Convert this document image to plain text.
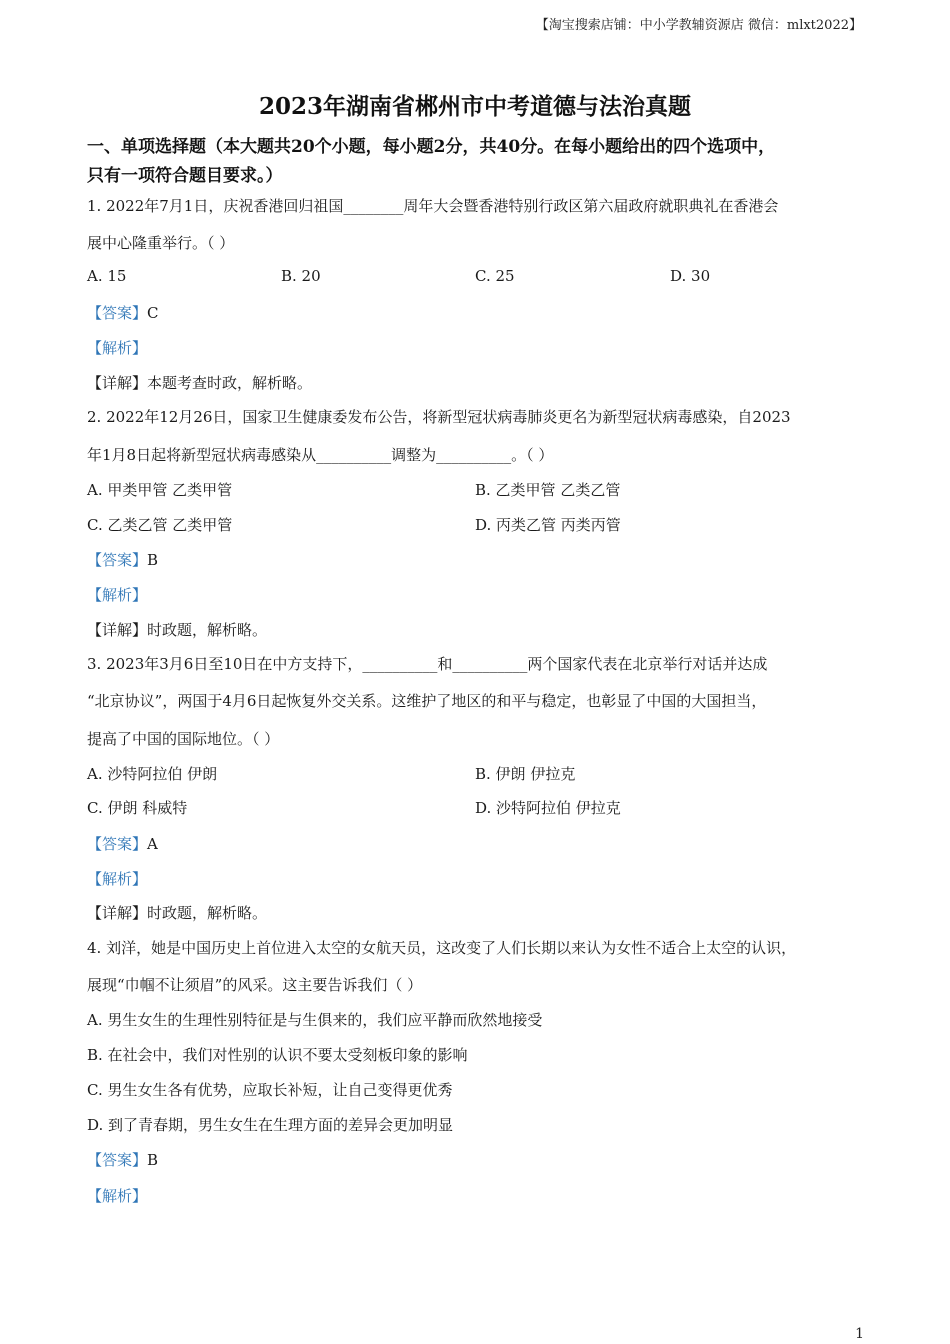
【淘宝搜索店铺：中小学教辅资源店 微信：mlxt2022】
2023年湖南省郴州市中考道德与法治真题
一、单项选择题（本大题共20个小题，每小题2分，共40分。在每小题给出的四个选项中，
只有一项符合题目要求。）
1. 2022年7月1日，庆祝香港回归祖国________周年大会暨香港特别行政区第六届政府就职典礼在香港会
展中心隆重举行。（ ）
A. 15	B. 20	C. 25	D. 30
【答案】C
【解析】
【详解】本题考查时政，解析略。
2. 2022年12月26日，国家卫生健康委发布公告，将新型冠状病毒肺炎更名为新型冠状病毒感染，自2023
年1月8日起将新型冠状病毒感染从__________调整为__________。（ ）
A. 甲类甲管 乙类甲管	B. 乙类甲管 乙类乙管
C. 乙类乙管 乙类甲管	D. 丙类乙管 丙类丙管
【答案】B
【解析】
【详解】时政题，解析略。
3. 2023年3月6日至10日在中方支持下，__________和__________两个国家代表在北京举行对话并达成
“北京协议”，两国于4月6日起恢复外交关系。这维护了地区的和平与稳定，也彰显了中国的大国担当，
提高了中国的国际地位。（ ）
A. 沙特阿拉伯 伊朗	B. 伊朗 伊拉克
C. 伊朗 科威特	D. 沙特阿拉伯 伊拉克
【答案】A
【解析】
【详解】时政题，解析略。
4. 刘洋，她是中国历史上首位进入太空的女航天员，这改变了人们长期以来认为女性不适合上太空的认识，
展现“巾帼不让须眉”的风采。这主要告诉我们（ ）
A. 男生女生的生理性别特征是与生俱来的，我们应平静而欣然地接受
B. 在社会中，我们对性别的认识不要太受刻板印象的影响
C. 男生女生各有优势，应取长补短，让自己变得更优秀
D. 到了青春期，男生女生在生理方面的差异会更加明显
【答案】B
【解析】
1
